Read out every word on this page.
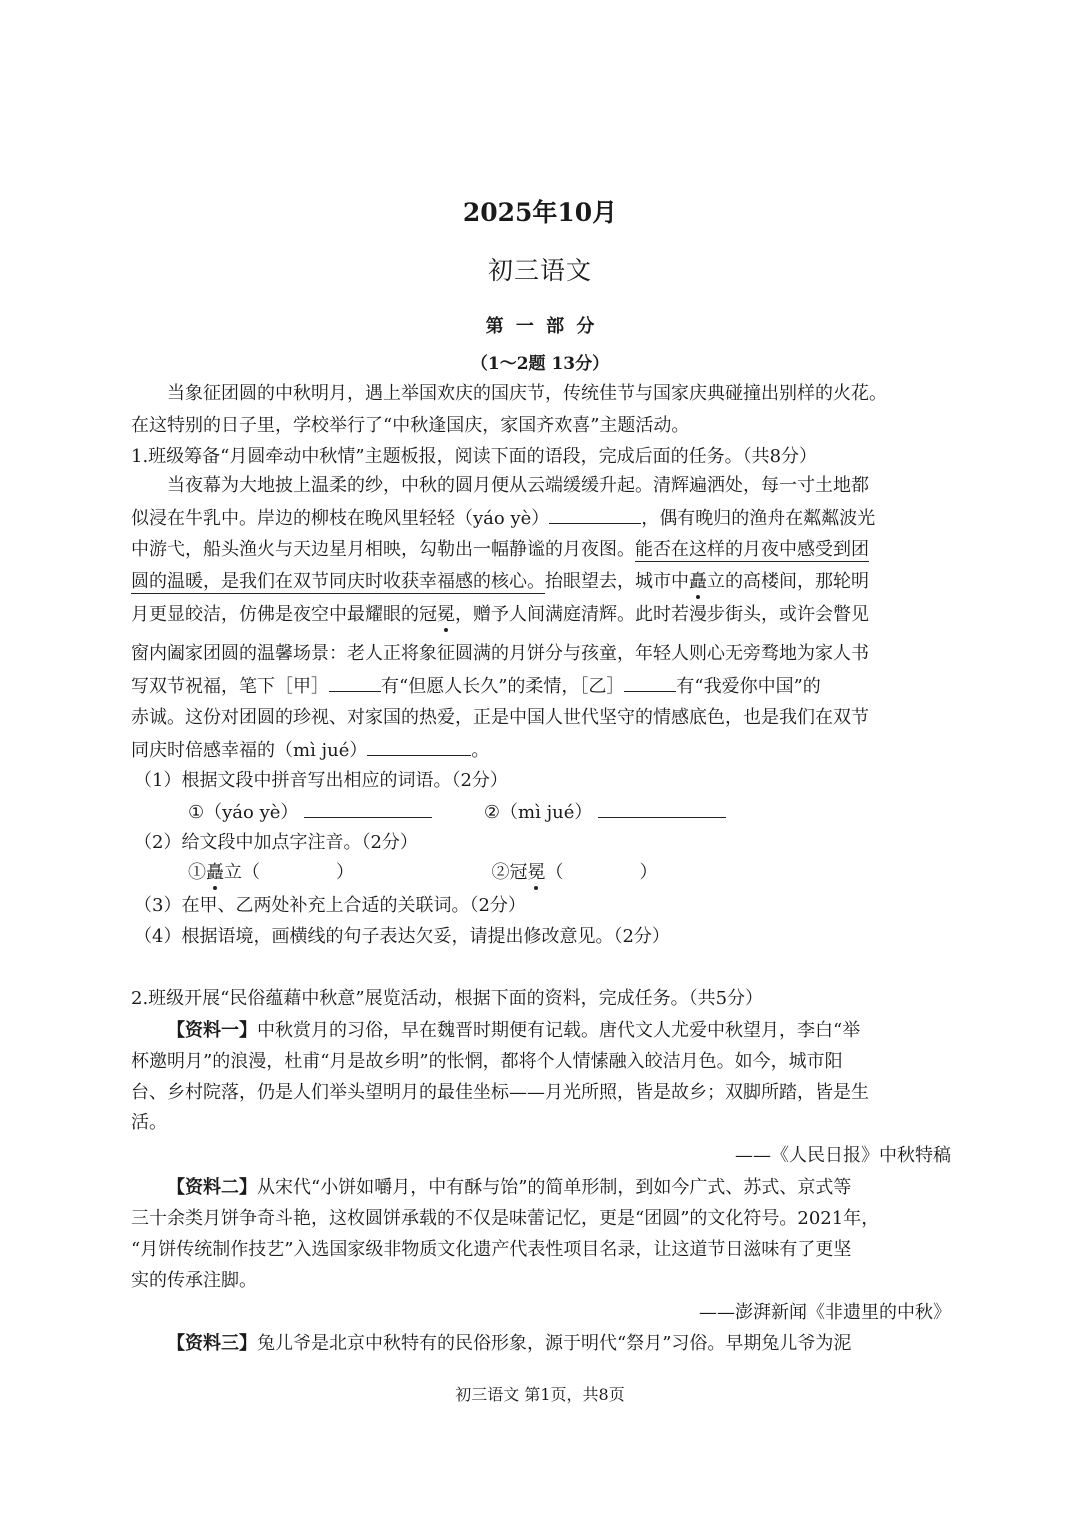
2025年10月
初三语文
第 一 部 分
（1～2题 13分）
当象征团圆的中秋明月，遇上举国欢庆的国庆节，传统佳节与国家庆典碰撞出别样的火花。
在这特别的日子里，学校举行了“中秋逢国庆，家国齐欢喜”主题活动。
1.班级筹备“月圆牵动中秋情”主题板报，阅读下面的语段，完成后面的任务。（共8分）
当夜幕为大地披上温柔的纱，中秋的圆月便从云端缓缓升起。清辉遍洒处，每一寸土地都
似浸在牛乳中。岸边的柳枝在晚风里轻轻（yáo yè）	，偶有晚归的渔舟在粼粼波光
中游弋，船头渔火与天边星月相映，勾勒出一幅静谧的月夜图。能否在这样的月夜中感受到团
圆的温暖，是我们在双节同庆时收获幸福感的核心。抬眼望去，城市中矗立的高楼间，那轮明
月更显皎洁，仿佛是夜空中最耀眼的冠冕，赠予人间满庭清辉。此时若漫步街头，或许会瞥见
窗内阖家团圆的温馨场景：老人正将象征圆满的月饼分与孩童，年轻人则心无旁骛地为家人书
写双节祝福，笔下［甲］	有“但愿人长久”的柔情，［乙］	有“我爱你中国”的
赤诚。这份对团圆的珍视、对家国的热爱，正是中国人世代坚守的情感底色，也是我们在双节
同庆时倍感幸福的（mì jué）	。
（1）根据文段中拼音写出相应的词语。（2分）
①（yáo yè）	②（mì jué）
（2）给文段中加点字注音。（2分）
①矗立（	）	②冠冕（	）
（3）在甲、乙两处补充上合适的关联词。（2分）
（4）根据语境，画横线的句子表达欠妥，请提出修改意见。（2分）
2.班级开展“民俗蕴藉中秋意”展览活动，根据下面的资料，完成任务。（共5分）
【资料一】中秋赏月的习俗，早在魏晋时期便有记载。唐代文人尤爱中秋望月，李白“举
杯邀明月”的浪漫，杜甫“月是故乡明”的怅惘，都将个人情愫融入皎洁月色。如今，城市阳
台、乡村院落，仍是人们举头望明月的最佳坐标——月光所照，皆是故乡；双脚所踏，皆是生
活。
——《人民日报》中秋特稿
【资料二】从宋代“小饼如嚼月，中有酥与饴”的简单形制，到如今广式、苏式、京式等
三十余类月饼争奇斗艳，这枚圆饼承载的不仅是味蕾记忆，更是“团圆”的文化符号。2021年，
“月饼传统制作技艺”入选国家级非物质文化遗产代表性项目名录，让这道节日滋味有了更坚
实的传承注脚。
——澎湃新闻《非遗里的中秋》
【资料三】兔儿爷是北京中秋特有的民俗形象，源于明代“祭月”习俗。早期兔儿爷为泥
初三语文 第1页，共8页
